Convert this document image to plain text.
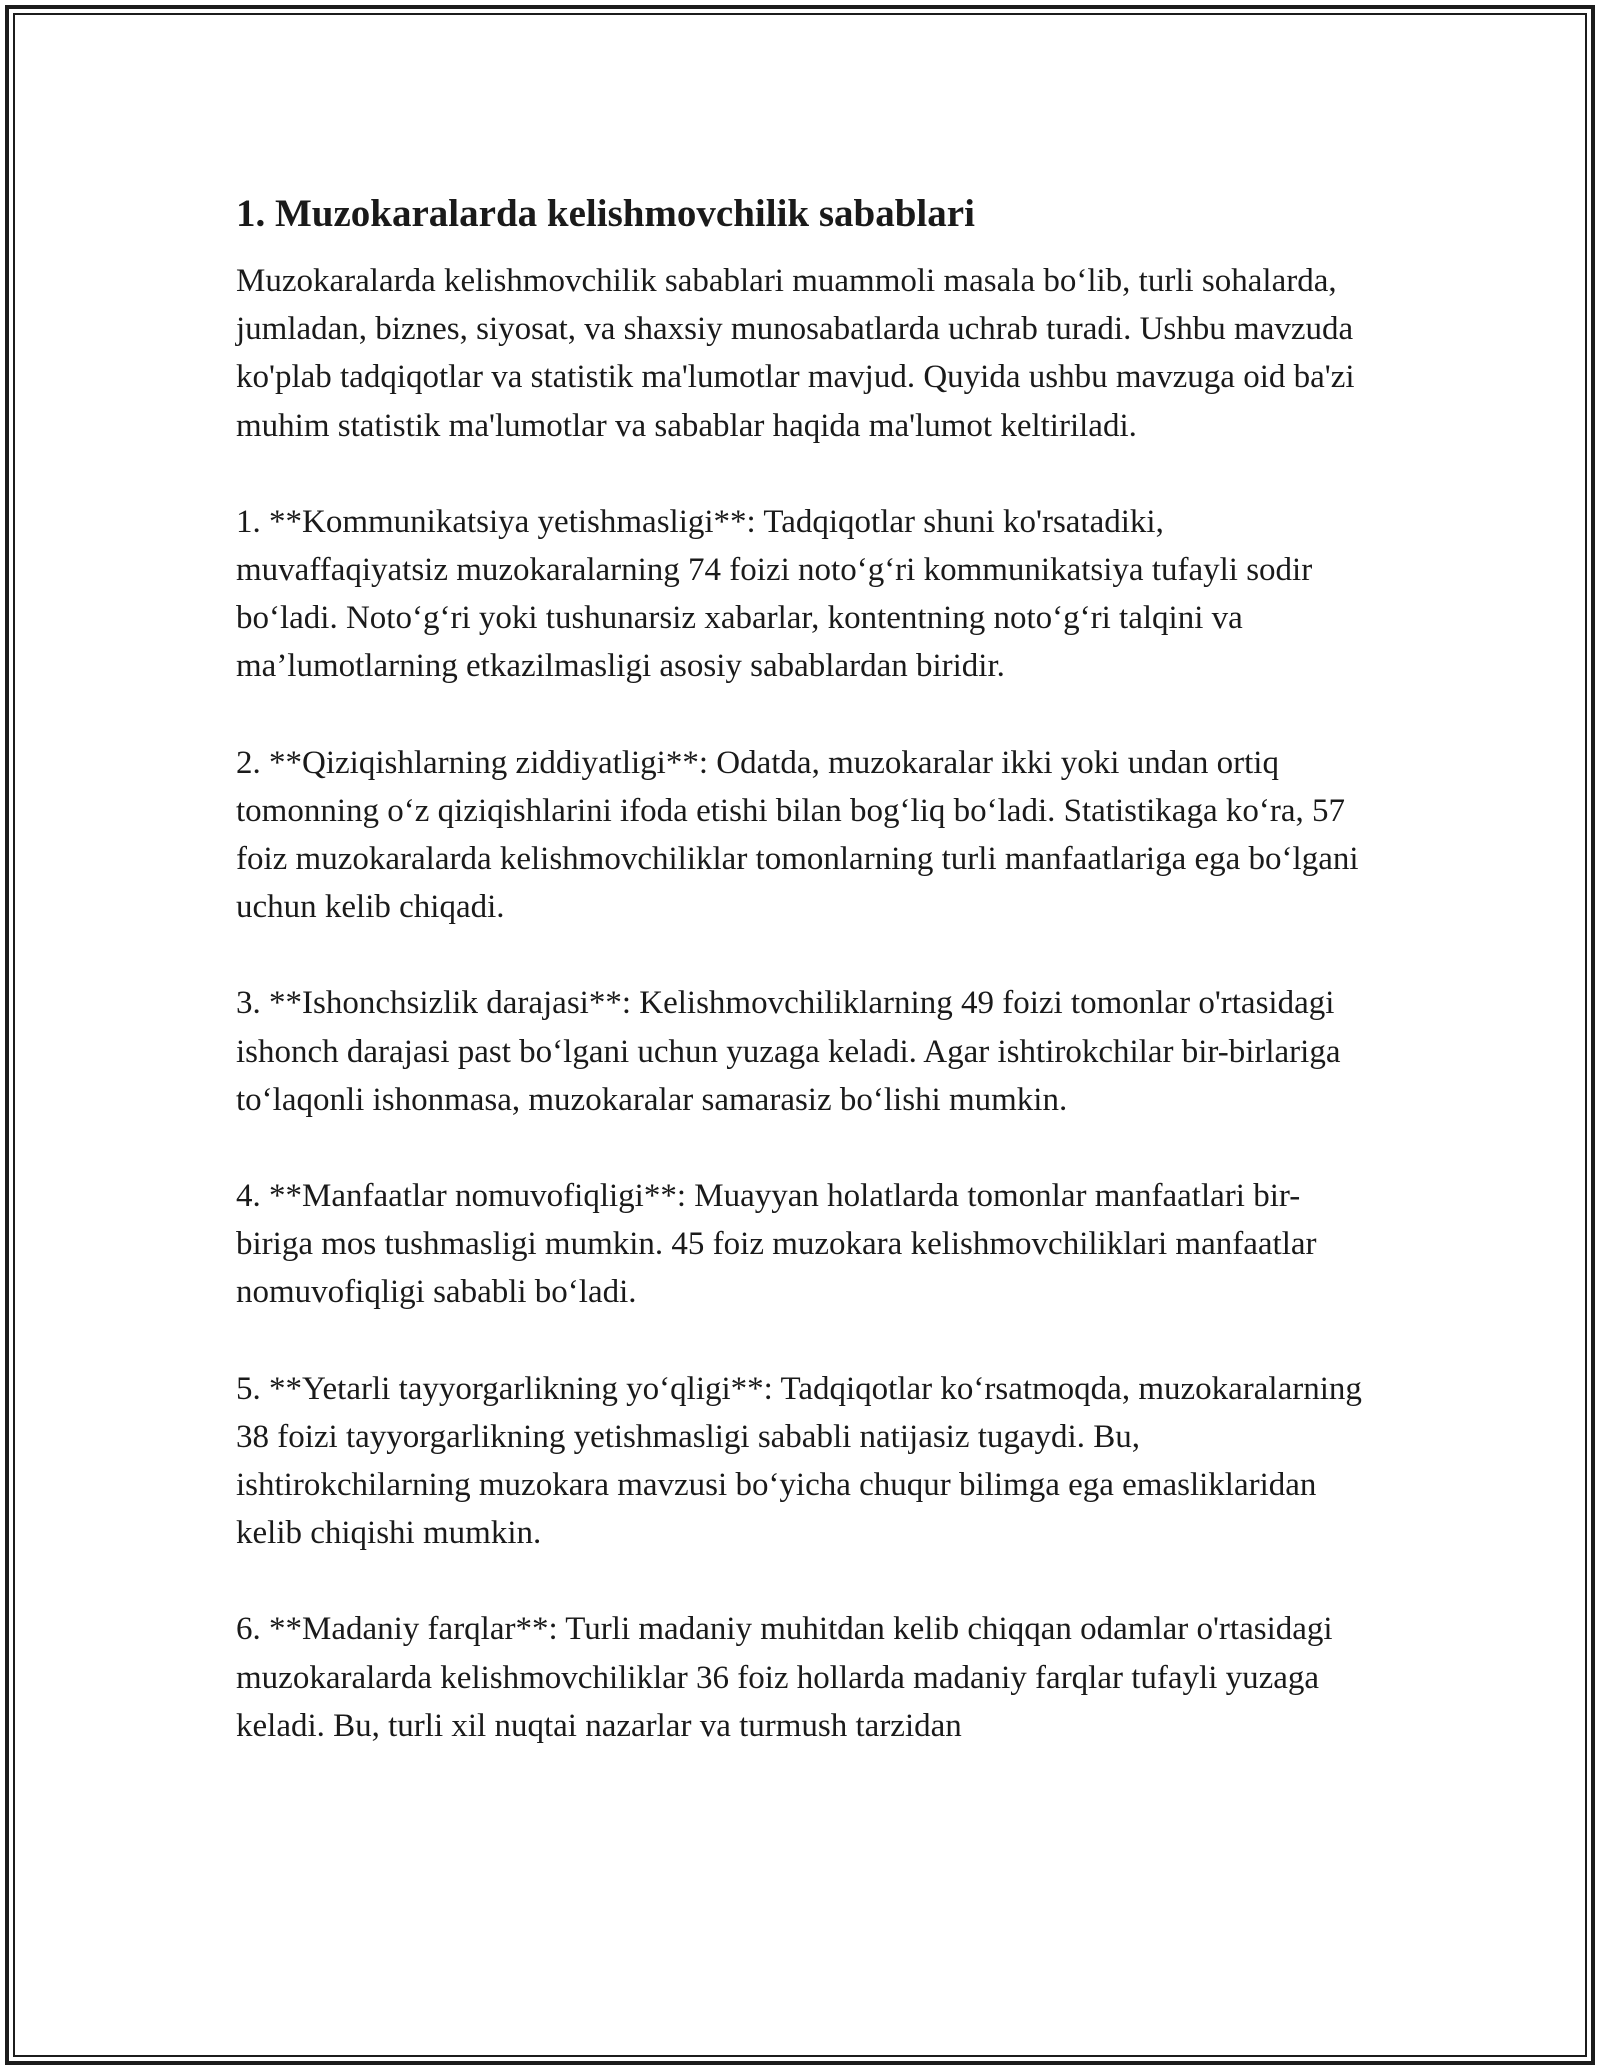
1. Muzokaralarda kelishmovchilik sabablari

Muzokaralarda kelishmovchilik sabablari muammoli masala bo‘lib, turli sohalarda, jumladan, biznes, siyosat, va shaxsiy munosabatlarda uchrab turadi. Ushbu mavzuda ko'plab tadqiqotlar va statistik ma'lumotlar mavjud. Quyida ushbu mavzuga oid ba'zi muhim statistik ma'lumotlar va sabablar haqida ma'lumot keltiriladi.

1. **Kommunikatsiya yetishmasligi**: Tadqiqotlar shuni ko'rsatadiki, muvaffaqiyatsiz muzokaralarning 74 foizi noto‘g‘ri kommunikatsiya tufayli sodir bo‘ladi. Noto‘g‘ri yoki tushunarsiz xabarlar, kontentning noto‘g‘ri talqini va ma’lumotlarning etkazilmasligi asosiy sabablardan biridir.

2. **Qiziqishlarning ziddiyatligi**: Odatda, muzokaralar ikki yoki undan ortiq tomonning o‘z qiziqishlarini ifoda etishi bilan bog‘liq bo‘ladi. Statistikaga ko‘ra, 57 foiz muzokaralarda kelishmovchiliklar tomonlarning turli manfaatlariga ega bo‘lgani uchun kelib chiqadi.

3. **Ishonchsizlik darajasi**: Kelishmovchiliklarning 49 foizi tomonlar o'rtasidagi ishonch darajasi past bo‘lgani uchun yuzaga keladi. Agar ishtirokchilar bir-birlariga to‘laqonli ishonmasa, muzokaralar samarasiz bo‘lishi mumkin.

4. **Manfaatlar nomuvofiqligi**: Muayyan holatlarda tomonlar manfaatlari bir-biriga mos tushmasligi mumkin. 45 foiz muzokara kelishmovchiliklari manfaatlar nomuvofiqligi sababli bo‘ladi.

5. **Yetarli tayyorgarlikning yo‘qligi**: Tadqiqotlar ko‘rsatmoqda, muzokaralarning 38 foizi tayyorgarlikning yetishmasligi sababli natijasiz tugaydi. Bu, ishtirokchilarning muzokara mavzusi bo‘yicha chuqur bilimga ega emasliklaridan kelib chiqishi mumkin.

6. **Madaniy farqlar**: Turli madaniy muhitdan kelib chiqqan odamlar o'rtasidagi muzokaralarda kelishmovchiliklar 36 foiz hollarda madaniy farqlar tufayli yuzaga keladi. Bu, turli xil nuqtai nazarlar va turmush tarzidan
